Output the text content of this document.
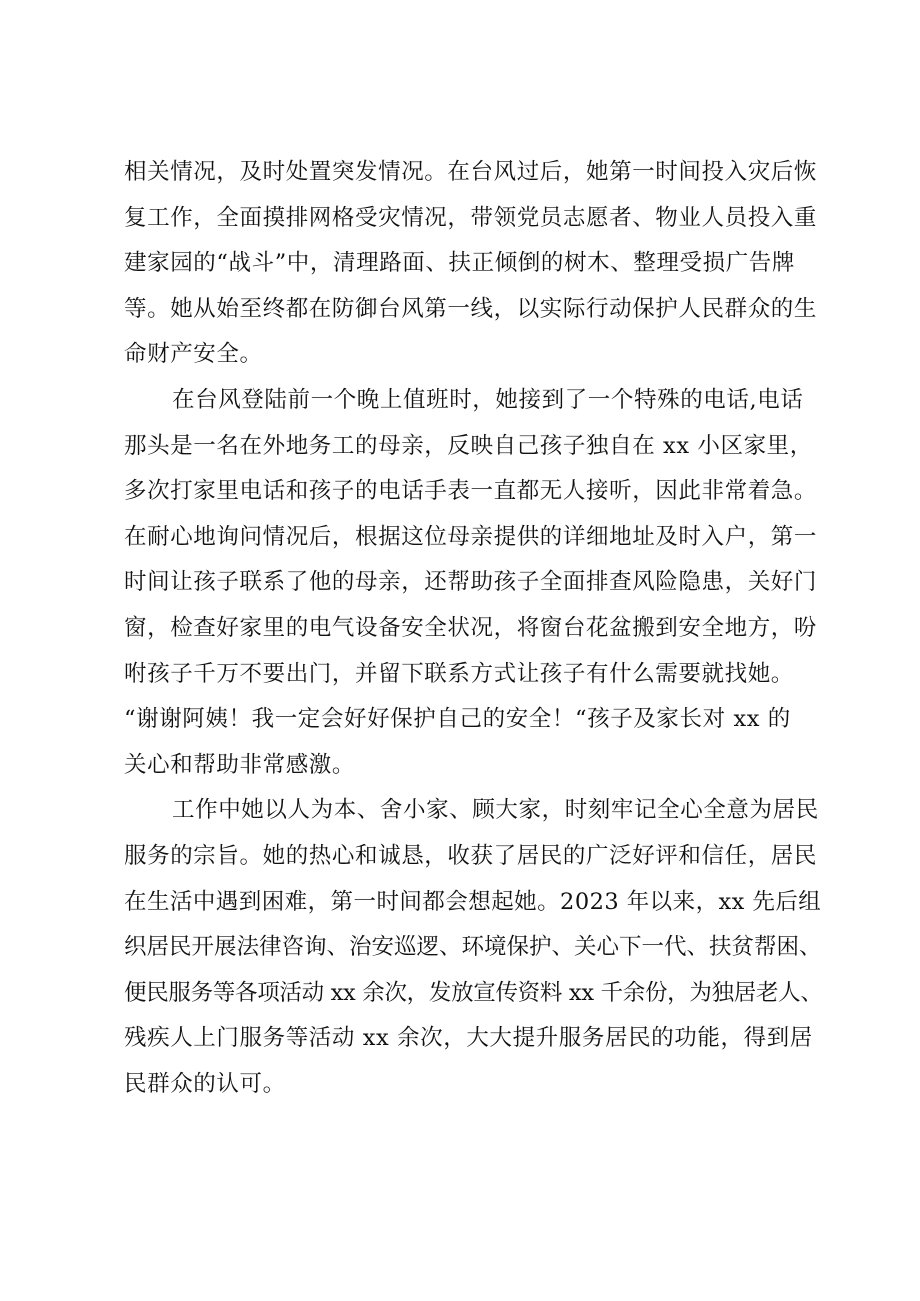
相关情况，及时处置突发情况。在台风过后，她第一时间投入灾后恢
复工作，全面摸排网格受灾情况，带领党员志愿者、物业人员投入重
建家园的“战斗”中，清理路面、扶正倾倒的树木、整理受损广告牌
等。她从始至终都在防御台风第一线，以实际行动保护人民群众的生
命财产安全。
在台风登陆前一个晚上值班时，她接到了一个特殊的电话,电话
那头是一名在外地务工的母亲，反映自己孩子独自在 xx 小区家里，
多次打家里电话和孩子的电话手表一直都无人接听，因此非常着急。
在耐心地询问情况后，根据这位母亲提供的详细地址及时入户，第一
时间让孩子联系了他的母亲，还帮助孩子全面排查风险隐患，关好门
窗，检查好家里的电气设备安全状况，将窗台花盆搬到安全地方，吩
咐孩子千万不要出门，并留下联系方式让孩子有什么需要就找她。
“谢谢阿姨！我一定会好好保护自己的安全！“孩子及家长对 xx 的
关心和帮助非常感激。
工作中她以人为本、舍小家、顾大家，时刻牢记全心全意为居民
服务的宗旨。她的热心和诚恳，收获了居民的广泛好评和信任，居民
在生活中遇到困难，第一时间都会想起她。2023 年以来，xx 先后组
织居民开展法律咨询、治安巡逻、环境保护、关心下一代、扶贫帮困、
便民服务等各项活动 xx 余次，发放宣传资料 xx 千余份，为独居老人、
残疾人上门服务等活动 xx 余次，大大提升服务居民的功能，得到居
民群众的认可。
